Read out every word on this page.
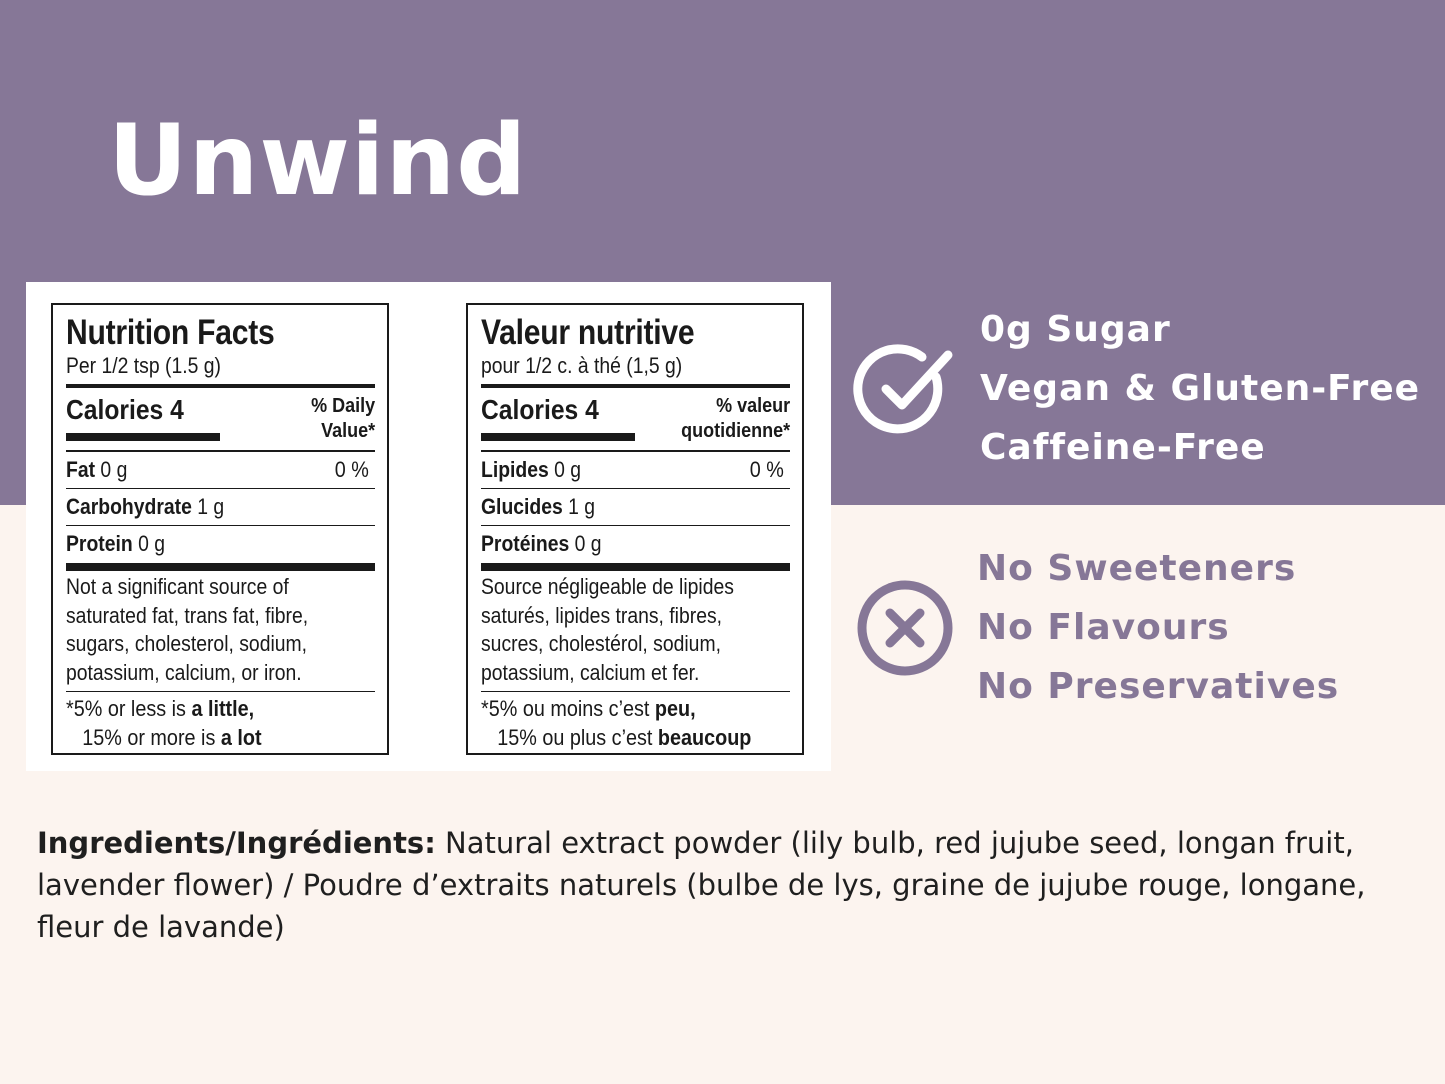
Unwind
Nutrition Facts
Per 1/2 tsp (1.5 g)
Calories 4	% Daily
Value*
Fat 0 g	0 %
Carbohydrate 1 g
Protein 0 g
Not a significant source of
saturated fat, trans fat, fibre,
sugars, cholesterol, sodium,
potassium, calcium, or iron.
*5% or less is a little,
15% or more is a lot
Valeur nutritive
pour 1/2 c. à thé (1,5 g)
Calories 4	% valeur
quotidienne*
Lipides 0 g	0 %
Glucides 1 g
Protéines 0 g
Source négligeable de lipides
saturés, lipides trans, fibres,
sucres, cholestérol, sodium,
potassium, calcium et fer.
*5% ou moins c’est peu,
15% ou plus c’est beaucoup
0g Sugar
Vegan & Gluten-Free
Caffeine-Free
No Sweeteners
No Flavours
No Preservatives
Ingredients/Ingrédients: Natural extract powder (lily bulb, red jujube seed, longan fruit, lavender flower) / Poudre d’extraits naturels (bulbe de lys, graine de jujube rouge, longane, fleur de lavande)
